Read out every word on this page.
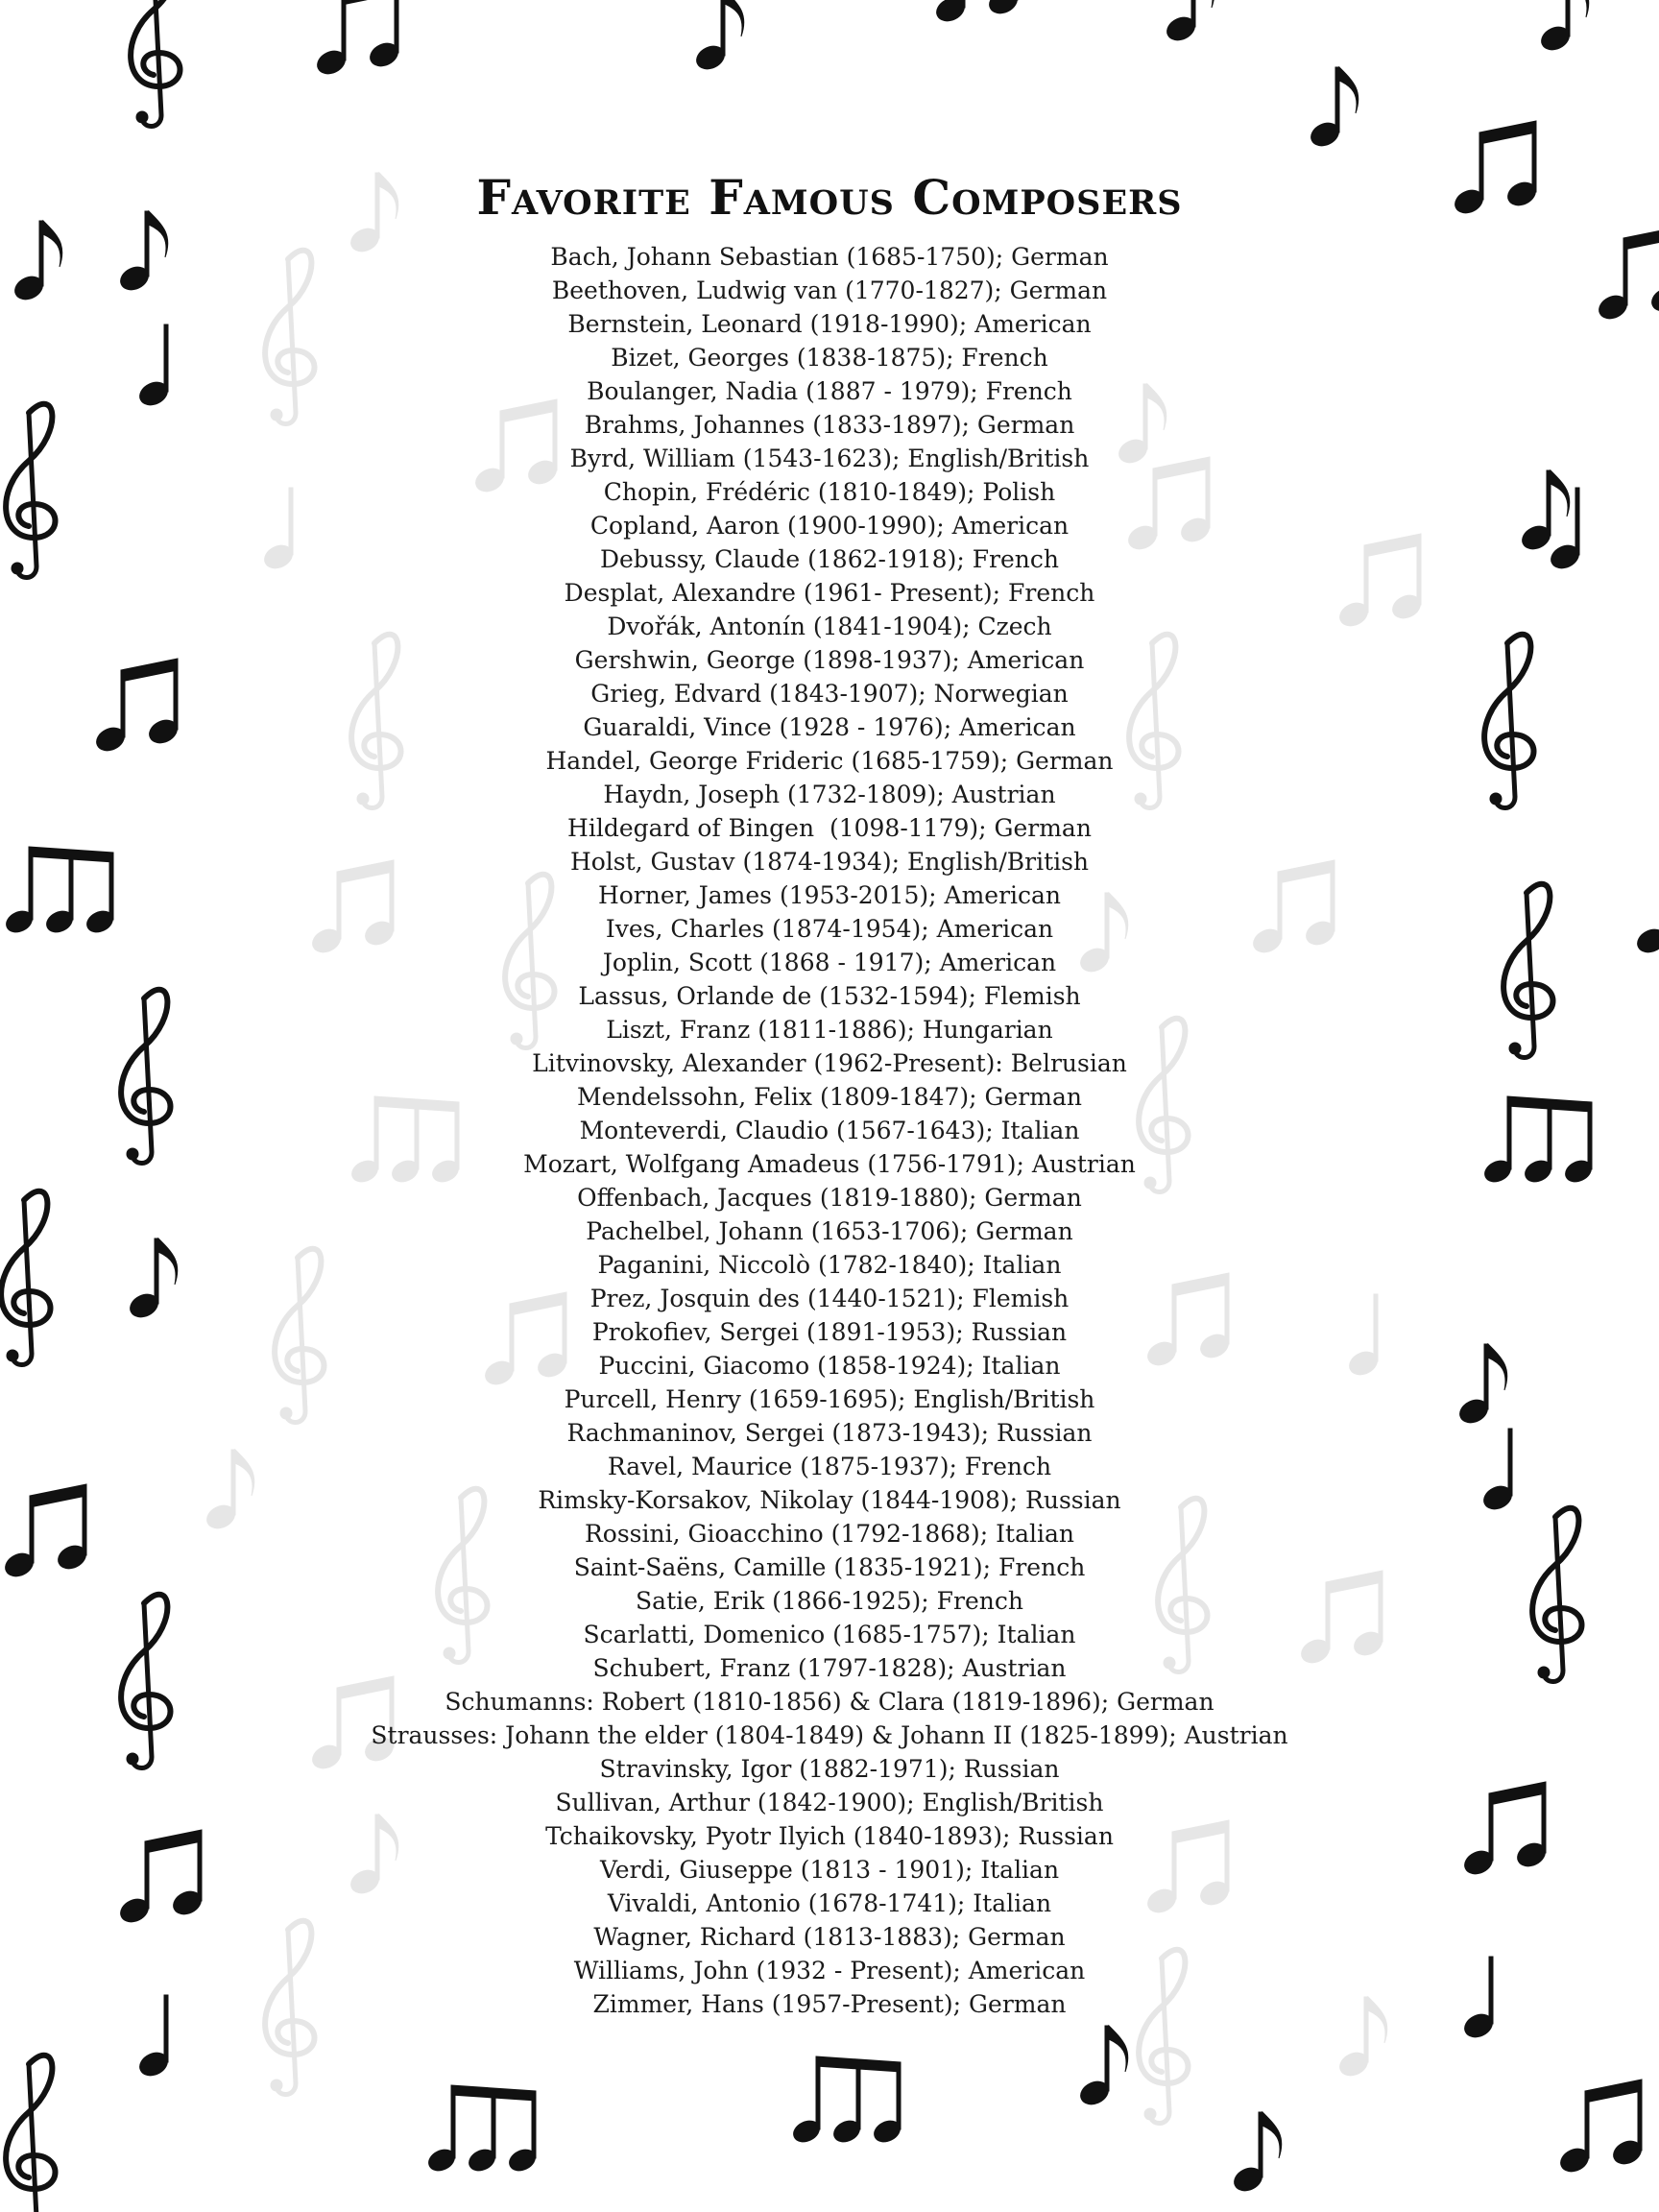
Favorite Famous Composers
Bach, Johann Sebastian (1685-1750); German
Beethoven, Ludwig van (1770-1827); German
Bernstein, Leonard (1918-1990); American
Bizet, Georges (1838-1875); French
Boulanger, Nadia (1887 - 1979); French
Brahms, Johannes (1833-1897); German
Byrd, William (1543-1623); English/British
Chopin, Frédéric (1810-1849); Polish
Copland, Aaron (1900-1990); American
Debussy, Claude (1862-1918); French
Desplat, Alexandre (1961- Present); French
Dvořák, Antonín (1841-1904); Czech
Gershwin, George (1898-1937); American
Grieg, Edvard (1843-1907); Norwegian
Guaraldi, Vince (1928 - 1976); American
Handel, George Frideric (1685-1759); German
Haydn, Joseph (1732-1809); Austrian
Hildegard of Bingen  (1098-1179); German
Holst, Gustav (1874-1934); English/British
Horner, James (1953-2015); American
Ives, Charles (1874-1954); American
Joplin, Scott (1868 - 1917); American
Lassus, Orlande de (1532-1594); Flemish
Liszt, Franz (1811-1886); Hungarian
Litvinovsky, Alexander (1962-Present): Belrusian
Mendelssohn, Felix (1809-1847); German
Monteverdi, Claudio (1567-1643); Italian
Mozart, Wolfgang Amadeus (1756-1791); Austrian
Offenbach, Jacques (1819-1880); German
Pachelbel, Johann (1653-1706); German
Paganini, Niccolò (1782-1840); Italian
Prez, Josquin des (1440-1521); Flemish
Prokofiev, Sergei (1891-1953); Russian
Puccini, Giacomo (1858-1924); Italian
Purcell, Henry (1659-1695); English/British
Rachmaninov, Sergei (1873-1943); Russian
Ravel, Maurice (1875-1937); French
Rimsky-Korsakov, Nikolay (1844-1908); Russian
Rossini, Gioacchino (1792-1868); Italian
Saint-Saëns, Camille (1835-1921); French
Satie, Erik (1866-1925); French
Scarlatti, Domenico (1685-1757); Italian
Schubert, Franz (1797-1828); Austrian
Schumanns: Robert (1810-1856) & Clara (1819-1896); German
Strausses: Johann the elder (1804-1849) & Johann II (1825-1899); Austrian
Stravinsky, Igor (1882-1971); Russian
Sullivan, Arthur (1842-1900); English/British
Tchaikovsky, Pyotr Ilyich (1840-1893); Russian
Verdi, Giuseppe (1813 - 1901); Italian
Vivaldi, Antonio (1678-1741); Italian
Wagner, Richard (1813-1883); German
Williams, John (1932 - Present); American
Zimmer, Hans (1957-Present); German
